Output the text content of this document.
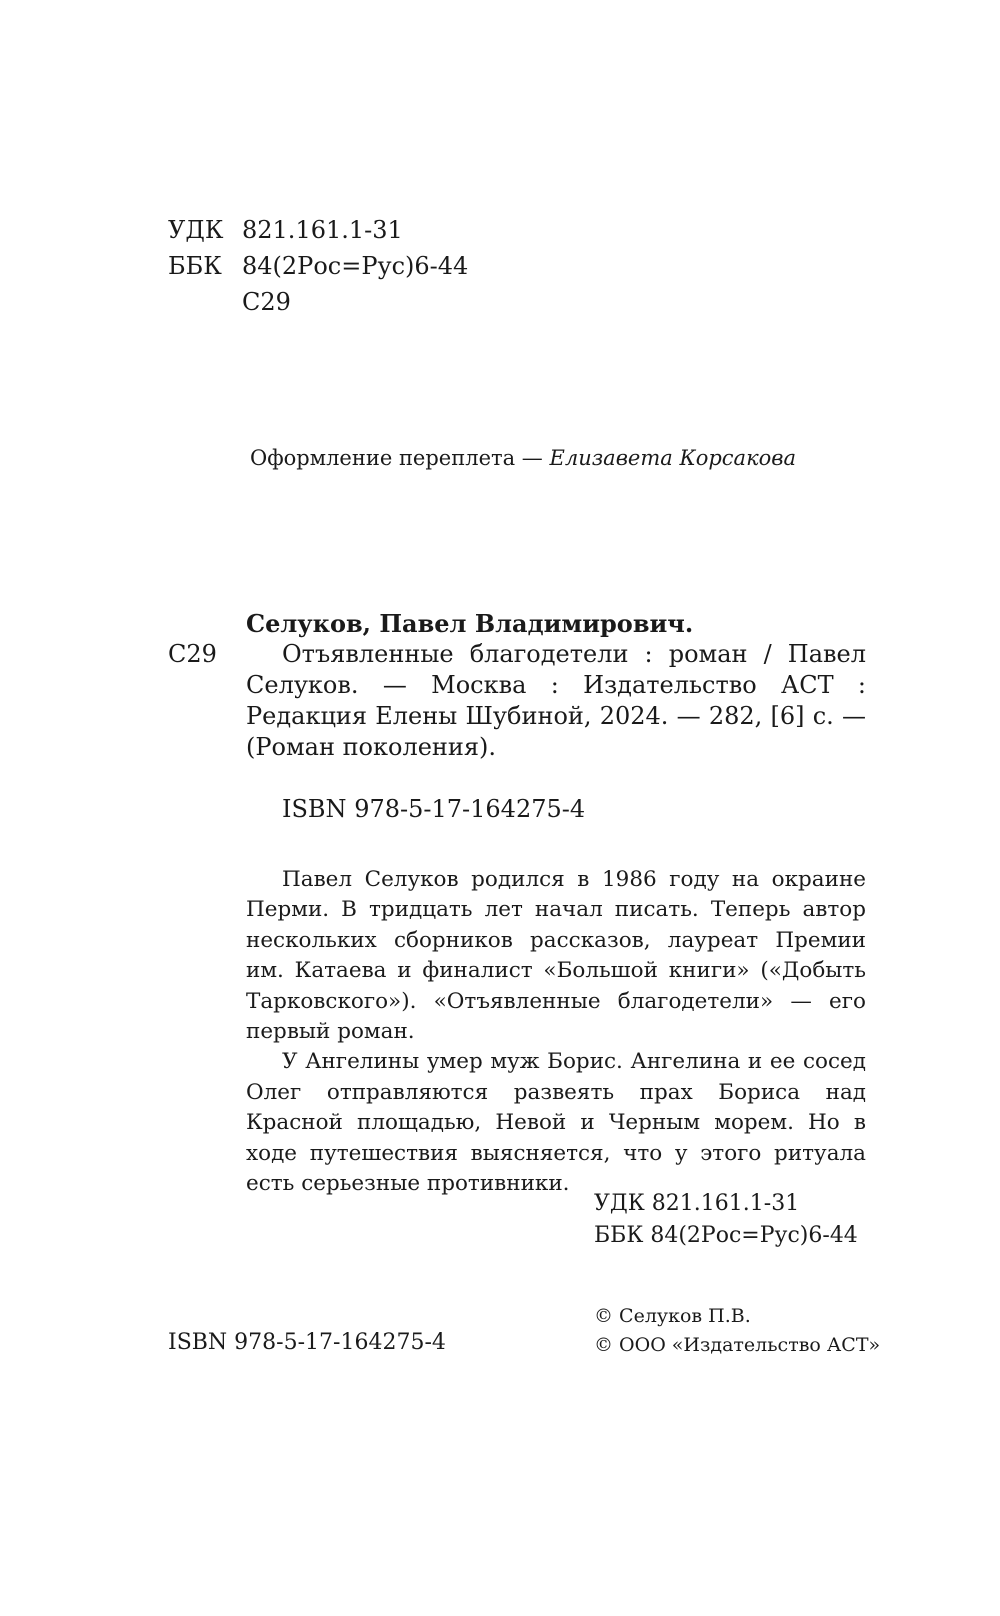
УДК 821.161.1-31
ББК 84(2Рос=Рус)6-44
С29
Оформление переплета — Елизавета Корсакова
С29

Селуков, Павел Владимирович.

Отъявленные благодетели : роман / Павел Селуков. — Москва : Издательство АСТ : Редакция Елены Шубиной, 2024. — 282, [6] с. — (Роман поколения).

ISBN 978-5-17-164275-4

Павел Селуков родился в 1986 году на окраине Перми. В тридцать лет начал писать. Теперь автор нескольких сборников рассказов, лауреат Премии им. Катаева и финалист «Большой книги» («Добыть Тарковского»). «Отъявленные благодетели» — его первый роман.

У Ангелины умер муж Борис. Ангелина и ее сосед Олег отправляются развеять прах Бориса над Красной площадью, Невой и Черным морем. Но в ходе путешествия выясняется, что у этого ритуала есть серьезные противники.

УДК 821.161.1-31
ББК 84(2Рос=Рус)6-44
ISBN 978-5-17-164275-4
© Селуков П.В.
© ООО «Издательство АСТ»
